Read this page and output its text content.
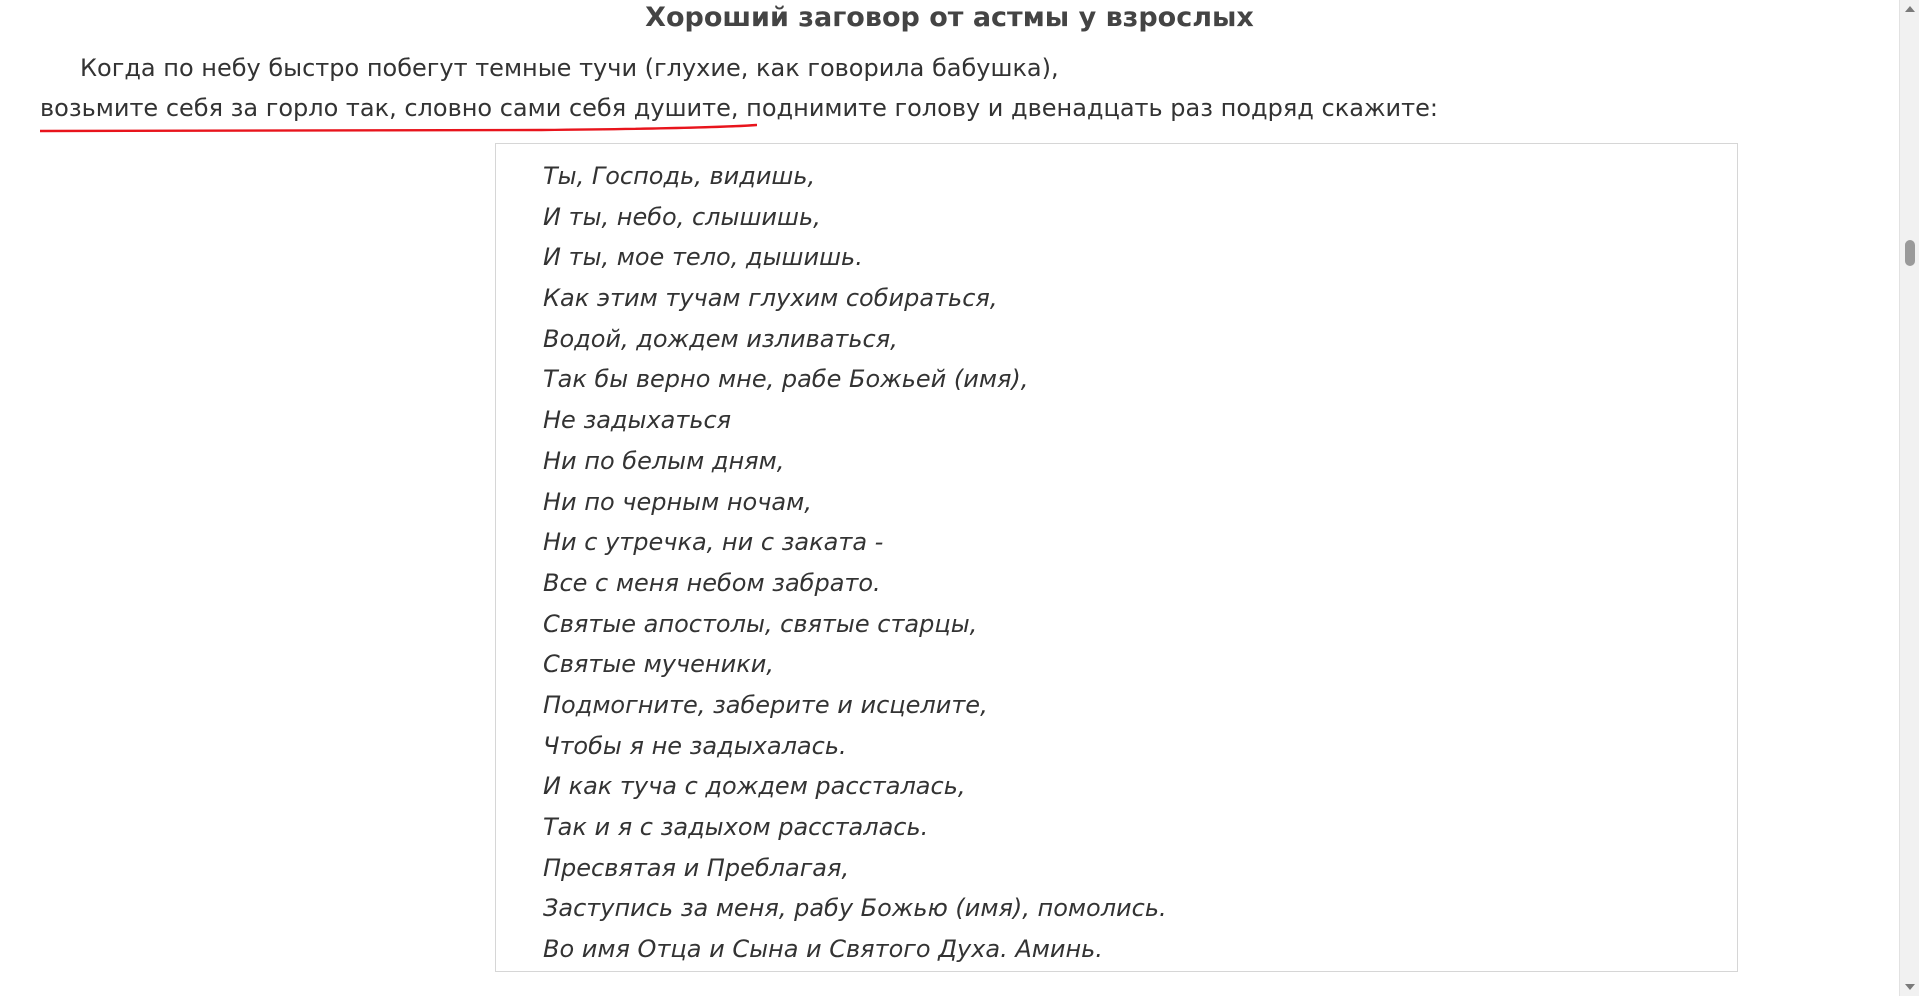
Хороший заговор от астмы у взрослых

Когда по небу быстро побегут темные тучи (глухие, как говорила бабушка), возьмите себя за горло так, словно сами себя душите,
поднимите голову и двенадцать раз подряд скажите:

Ты, Господь, видишь,
И ты, небо, слышишь,
И ты, мое тело, дышишь.
Как этим тучам глухим собираться,
Водой, дождем изливаться,
Так бы верно мне, рабе Божьей (имя),
Не задыхаться
Ни по белым дням,
Ни по черным ночам,
Ни с утречка, ни с заката -
Все с меня небом забрато.
Святые апостолы, святые старцы,
Святые мученики,
Подмогните, заберите и исцелите,
Чтобы я не задыхалась.
И как туча с дождем расcталась,
Так и я с задыхом расcталась.
Пресвятая и Преблагая,
Заступись за меня, рабу Божью (имя), помолись.
Во имя Отца и Сына и Святого Духа. Аминь.
